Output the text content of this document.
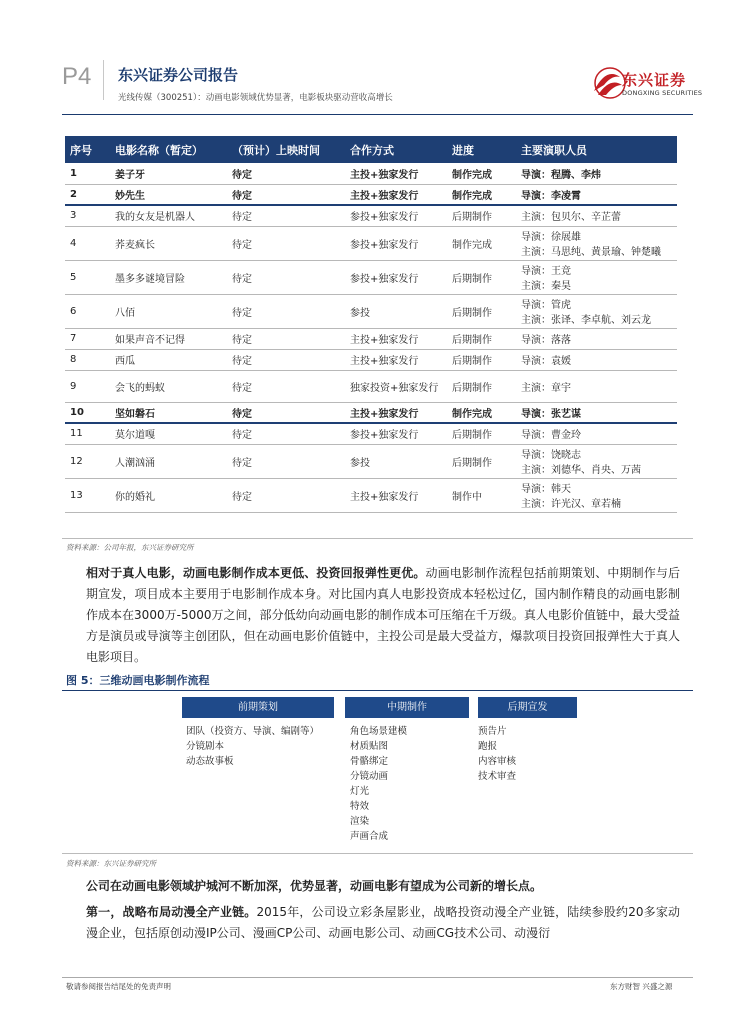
P4 东兴证券公司报告
光线传媒（300251）：动画电影领域优势显著，电影板块驱动营收高增长
东兴证券
DONGXING SECURITIES
序号	电影名称（暂定）	（预计）上映时间	合作方式	进度	主要演职人员
1	姜子牙	待定	主投+独家发行	制作完成	导演：程腾、李炜

2	妙先生	待定	主投+独家发行	制作完成	导演：李凌霄

3	我的女友是机器人	待定	参投+独家发行	后期制作	主演：包贝尔、辛芷蕾

4	荞麦疯长	待定	参投+独家发行	制作完成	导演：徐展雄
主演：马思纯、黄景瑜、钟楚曦

5	墨多多谜境冒险	待定	参投+独家发行	后期制作	导演：王竞
主演：秦昊

6	八佰	待定	参投	后期制作	导演：管虎
主演：张译、李卓航、刘云龙

7	如果声音不记得	待定	主投+独家发行	后期制作	导演：落落

8	西瓜	待定	主投+独家发行	后期制作	导演：袁媛

9	会飞的蚂蚁	待定	独家投资+独家发行	后期制作	主演：章宇

10	坚如磐石	待定	主投+独家发行	制作完成	导演：张艺谋

11	莫尔道嘎	待定	参投+独家发行	后期制作	导演：曹金玲

12	人潮汹涌	待定	参投	后期制作	导演：饶晓志
主演：刘德华、肖央、万茜

13	你的婚礼	待定	主投+独家发行	制作中	导演：韩天
主演：许光汉、章若楠
资料来源：公司年报，东兴证券研究所
相对于真人电影，动画电影制作成本更低、投资回报弹性更优。动画电影制作流程包括前期策划、中期制作与后期宣发，项目成本主要用于电影制作成本身。对比国内真人电影投资成本轻松过亿，国内制作精良的动画电影制作成本在3000万-5000万之间，部分低幼向动画电影的制作成本可压缩在千万级。真人电影价值链中，最大受益方是演员或导演等主创团队，但在动画电影价值链中，主投公司是最大受益方，爆款项目投资回报弹性大于真人电影项目。
图 5：三维动画电影制作流程
前期策划	中期制作	后期宣发
团队（投资方、导演、编剧等）
分镜剧本
动态故事板
角色场景建模
材质贴图
骨骼绑定
分镜动画
灯光
特效
渲染
声画合成
预告片
跑报
内容审核
技术审查
资料来源：东兴证券研究所
公司在动画电影领域护城河不断加深，优势显著，动画电影有望成为公司新的增长点。
第一，战略布局动漫全产业链。2015年，公司设立彩条屋影业，战略投资动漫全产业链，陆续参股约20多家动漫企业，包括原创动漫IP公司、漫画CP公司、动画电影公司、动画CG技术公司、动漫衍
敬请参阅报告结尾处的免责声明	东方财智 兴盛之源
